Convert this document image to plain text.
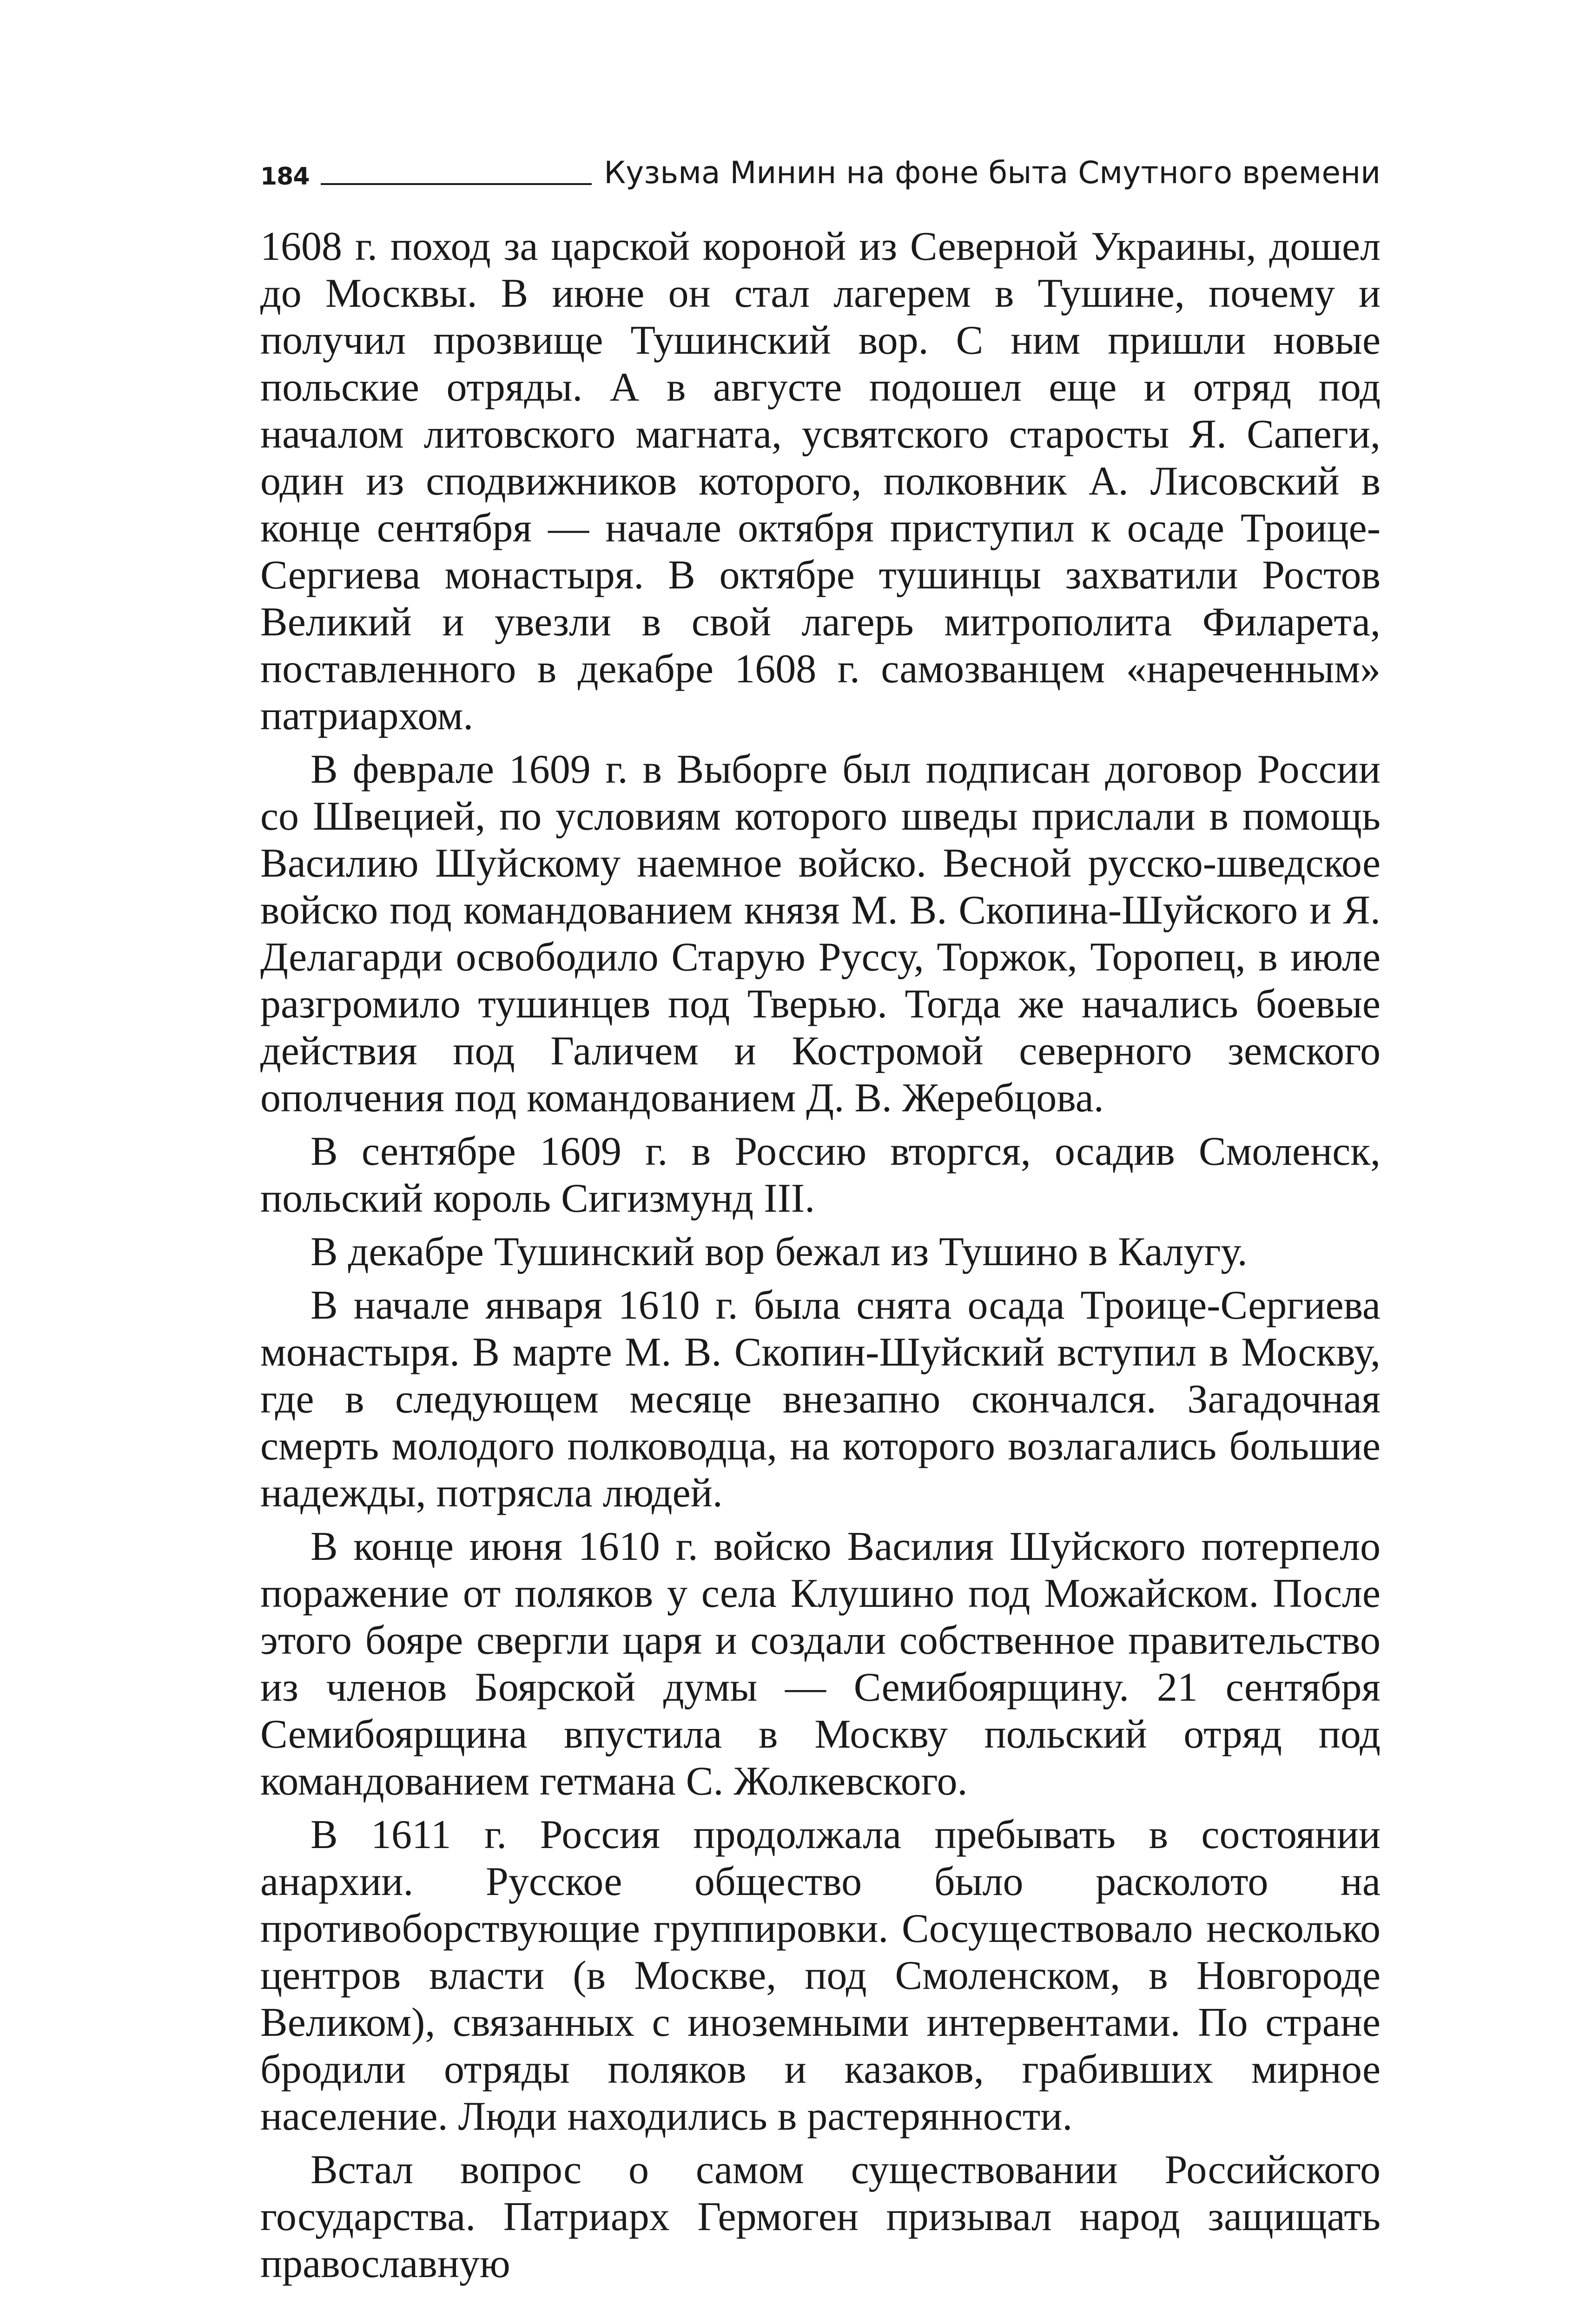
184	Кузьма Минин на фоне быта Смутного времени

1608 г. поход за царской короной из Северной Украины, дошел до Москвы. В июне он стал лагерем в Тушине, почему и получил прозвище Тушинский вор. С ним пришли новые польские отряды. А в августе подошел еще и отряд под началом литовского магната, усвятского старосты Я. Сапеги, один из сподвижников которого, полковник А. Лисовский в конце сентября — начале октября приступил к осаде Троице-Сергиева монастыря. В октябре тушинцы захватили Ростов Великий и увезли в свой лагерь митрополита Филарета, поставленного в декабре 1608 г. самозванцем «нареченным» патриархом.

В феврале 1609 г. в Выборге был подписан договор России со Швецией, по условиям которого шведы прислали в помощь Василию Шуйскому наемное войско. Весной русско-шведское войско под командованием князя М. В. Скопина-Шуйского и Я. Делагарди освободило Старую Руссу, Торжок, Торопец, в июле разгромило тушинцев под Тверью. Тогда же начались боевые действия под Галичем и Костромой северного земского ополчения под командованием Д. В. Жеребцова.

В сентябре 1609 г. в Россию вторгся, осадив Смоленск, польский король Сигизмунд III.

В декабре Тушинский вор бежал из Тушино в Калугу.

В начале января 1610 г. была снята осада Троице-Сергиева монастыря. В марте М. В. Скопин-Шуйский вступил в Москву, где в следующем месяце внезапно скончался. Загадочная смерть молодого полководца, на которого возлагались большие надежды, потрясла людей.

В конце июня 1610 г. войско Василия Шуйского потерпело поражение от поляков у села Клушино под Можайском. После этого бояре свергли царя и создали собственное правительство из членов Боярской думы — Семибоярщину. 21 сентября Семибоярщина впустила в Москву польский отряд под командованием гетмана С. Жолкевского.

В 1611 г. Россия продолжала пребывать в состоянии анархии. Русское общество было расколото на противоборствующие группировки. Сосуществовало несколько центров власти (в Москве, под Смоленском, в Новгороде Великом), связанных с иноземными интервентами. По стране бродили отряды поляков и казаков, грабивших мирное население. Люди находились в растерянности.

Встал вопрос о самом существовании Российского государства. Патриарх Гермоген призывал народ защищать православную
